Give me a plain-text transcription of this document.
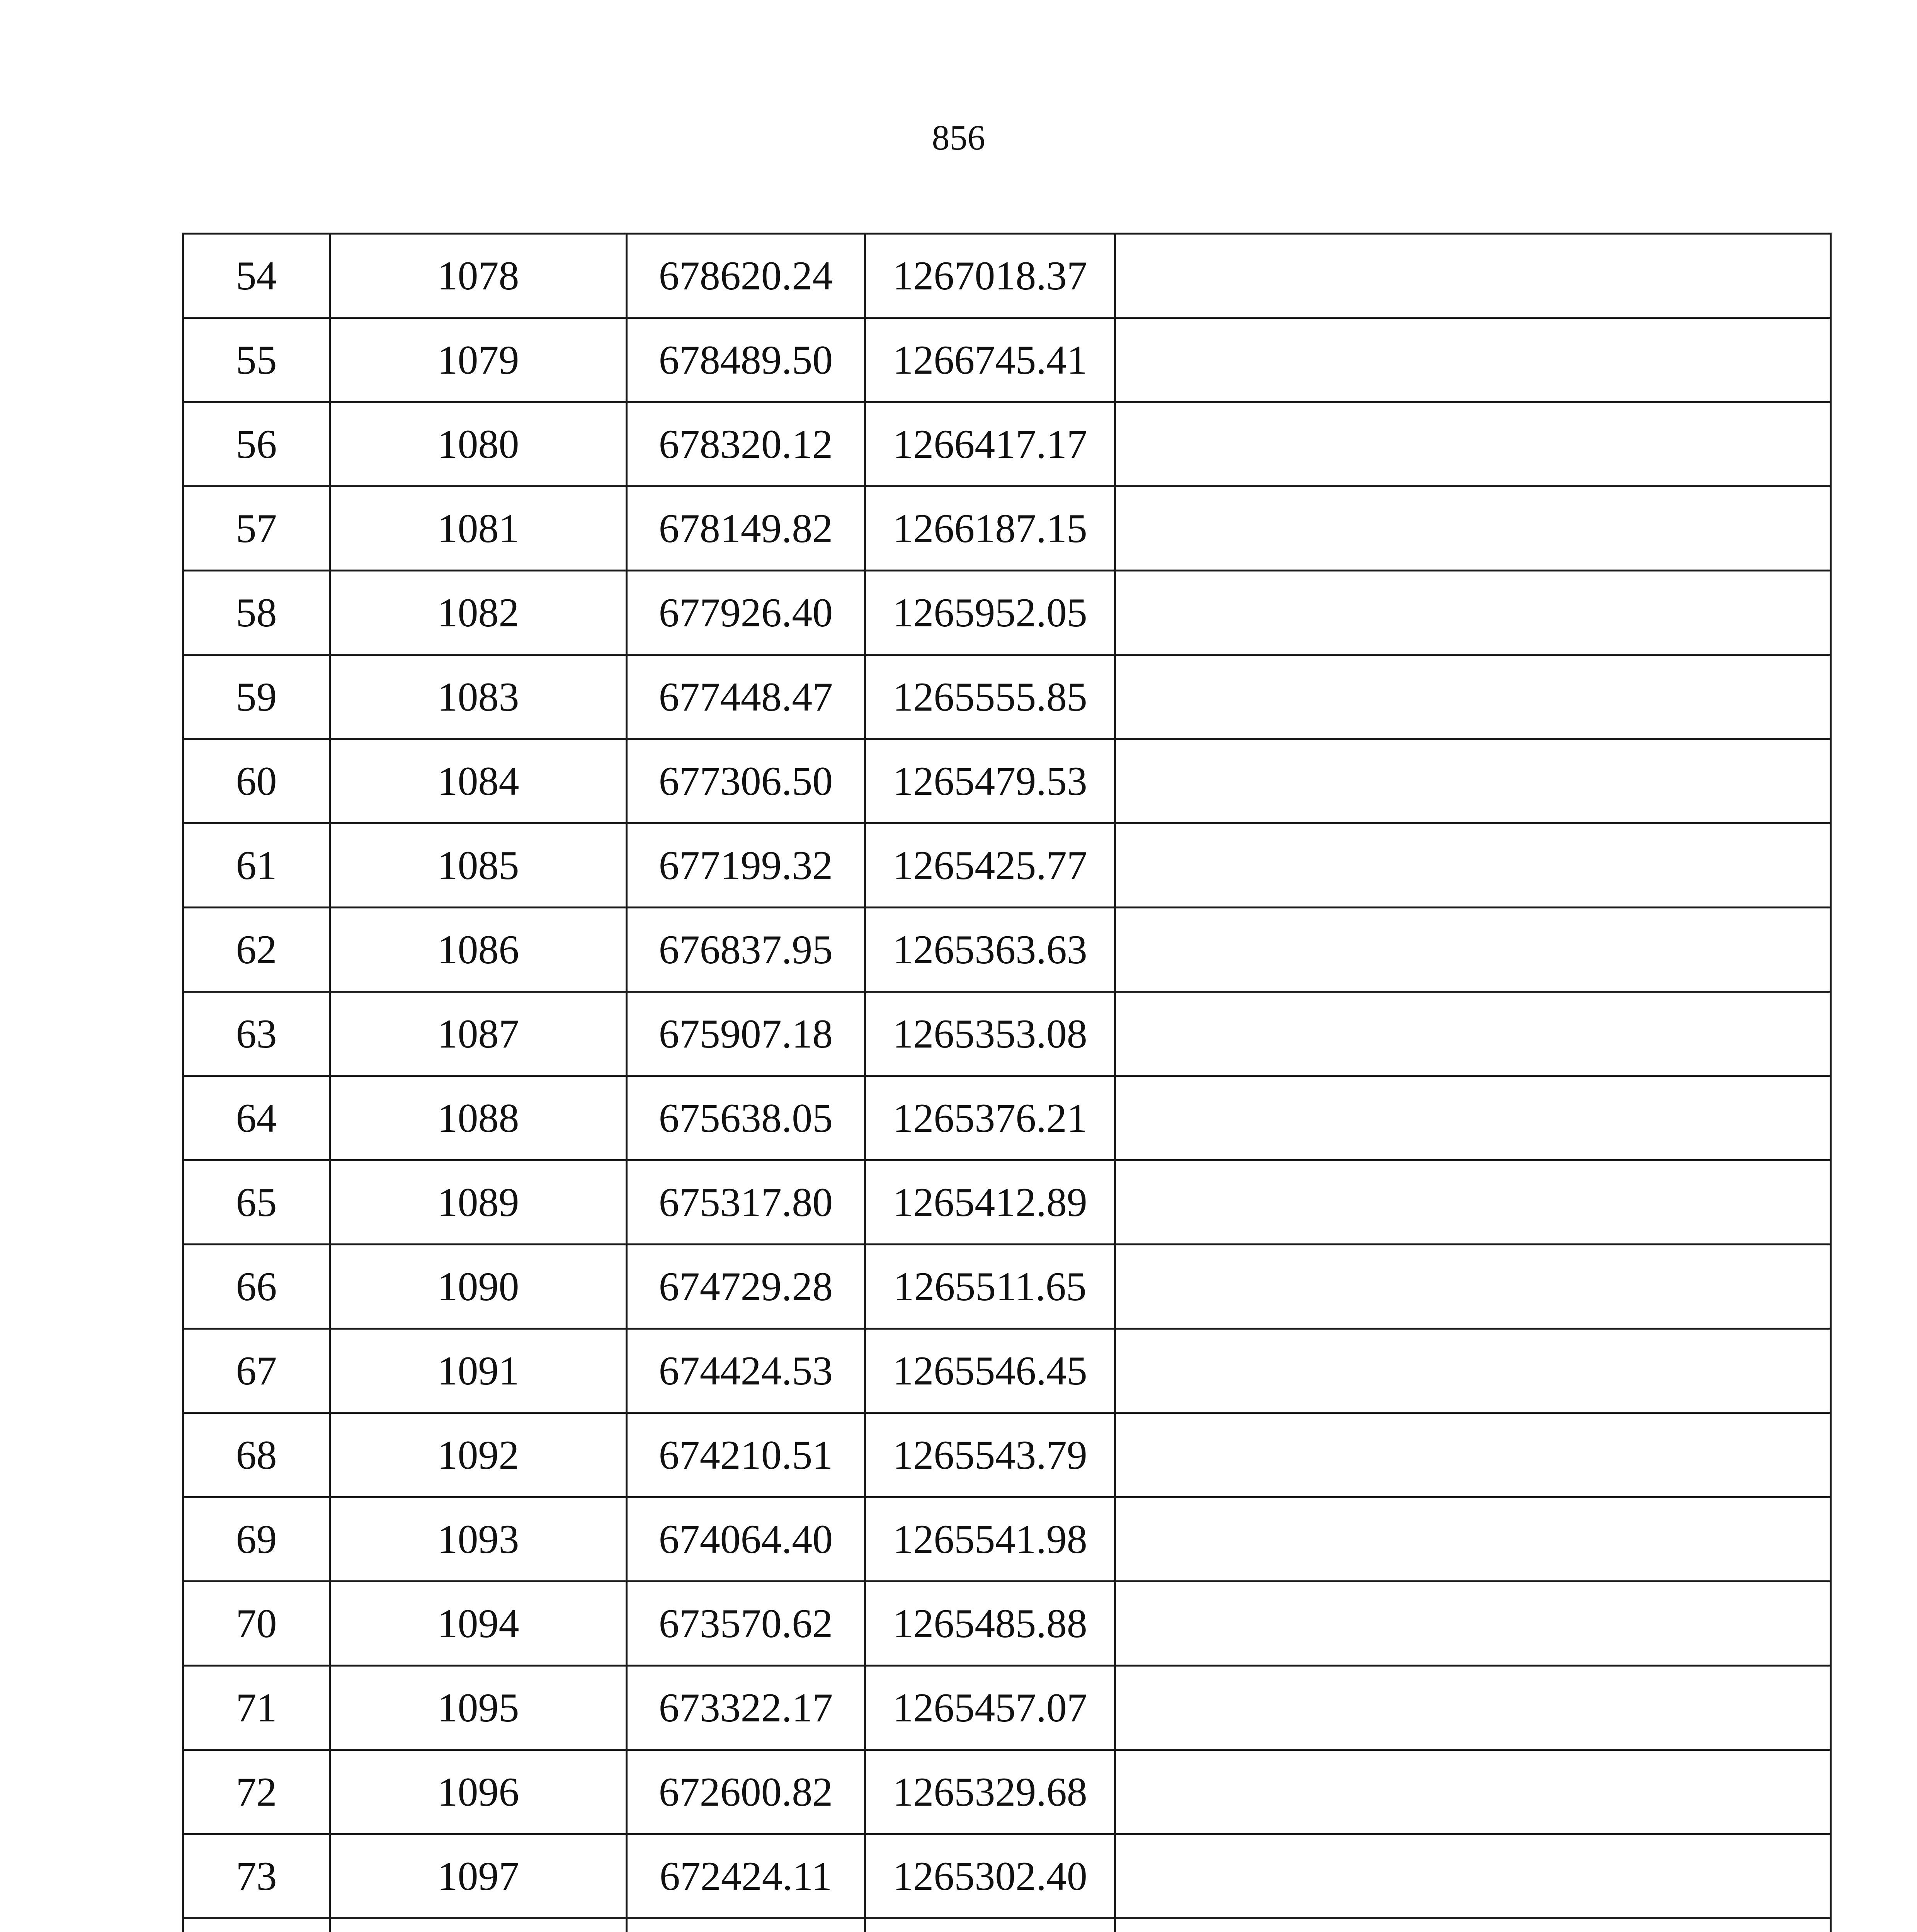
856
54	1078	678620.24	1267018.37	
55	1079	678489.50	1266745.41	
56	1080	678320.12	1266417.17	
57	1081	678149.82	1266187.15	
58	1082	677926.40	1265952.05	
59	1083	677448.47	1265555.85	
60	1084	677306.50	1265479.53	
61	1085	677199.32	1265425.77	
62	1086	676837.95	1265363.63	
63	1087	675907.18	1265353.08	
64	1088	675638.05	1265376.21	
65	1089	675317.80	1265412.89	
66	1090	674729.28	1265511.65	
67	1091	674424.53	1265546.45	
68	1092	674210.51	1265543.79	
69	1093	674064.40	1265541.98	
70	1094	673570.62	1265485.88	
71	1095	673322.17	1265457.07	
72	1096	672600.82	1265329.68	
73	1097	672424.11	1265302.40	
